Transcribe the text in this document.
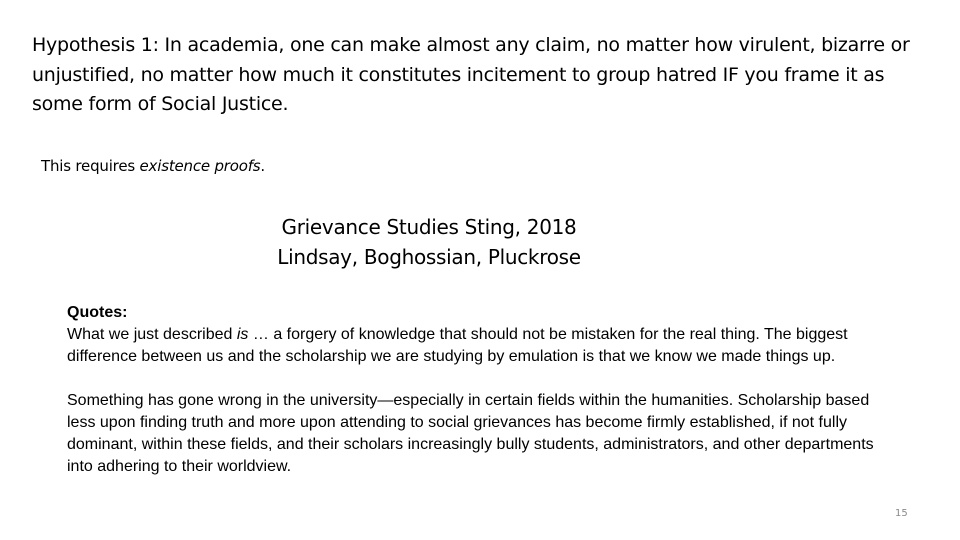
Hypothesis 1: In academia, one can make almost any claim, no matter how virulent, bizarre or unjustified, no matter how much it constitutes incitement to group hatred IF you frame it as some form of Social Justice.
This requires existence proofs.
Grievance Studies Sting, 2018
Lindsay, Boghossian, Pluckrose
Quotes:

What we just described is … a forgery of knowledge that should not be mistaken for the real thing. The biggest difference between us and the scholarship we are studying by emulation is that we know we made things up.

Something has gone wrong in the university—especially in certain fields within the humanities. Scholarship based less upon finding truth and more upon attending to social grievances has become firmly established, if not fully dominant, within these fields, and their scholars increasingly bully students, administrators, and other departments into adhering to their worldview.

15
